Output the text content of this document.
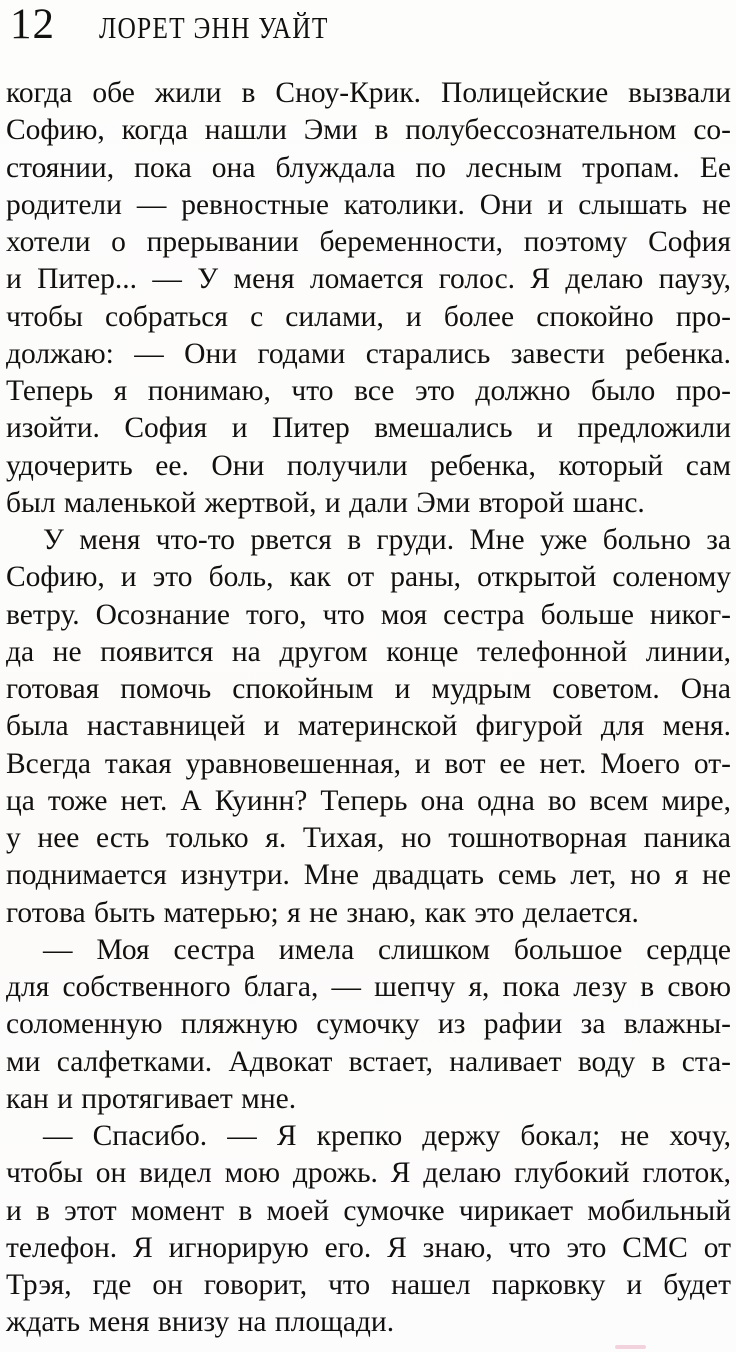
12 ЛОРЕТ ЭНН УАЙТ
когда обе жили в Сноу-Крик. Полицейские вызвали
Софию, когда нашли Эми в полубессознательном со-
стоянии, пока она блуждала по лесным тропам. Ее
родители — ревностные католики. Они и слышать не
хотели о прерывании беременности, поэтому София
и Питер... — У меня ломается голос. Я делаю паузу,
чтобы собраться с силами, и более спокойно про-
должаю: — Они годами старались завести ребенка.
Теперь я понимаю, что все это должно было про-
изойти. София и Питер вмешались и предложили
удочерить ее. Они получили ребенка, который сам
был маленькой жертвой, и дали Эми второй шанс.
У меня что-то рвется в груди. Мне уже больно за
Софию, и это боль, как от раны, открытой соленому
ветру. Осознание того, что моя сестра больше никог-
да не появится на другом конце телефонной линии,
готовая помочь спокойным и мудрым советом. Она
была наставницей и материнской фигурой для меня.
Всегда такая уравновешенная, и вот ее нет. Моего от-
ца тоже нет. А Куинн? Теперь она одна во всем мире,
у нее есть только я. Тихая, но тошнотворная паника
поднимается изнутри. Мне двадцать семь лет, но я не
готова быть матерью; я не знаю, как это делается.
— Моя сестра имела слишком большое сердце
для собственного блага, — шепчу я, пока лезу в свою
соломенную пляжную сумочку из рафии за влажны-
ми салфетками. Адвокат встает, наливает воду в ста-
кан и протягивает мне.
— Спасибо. — Я крепко держу бокал; не хочу,
чтобы он видел мою дрожь. Я делаю глубокий глоток,
и в этот момент в моей сумочке чирикает мобильный
телефон. Я игнорирую его. Я знаю, что это СМС от
Трэя, где он говорит, что нашел парковку и будет
ждать меня внизу на площади.
